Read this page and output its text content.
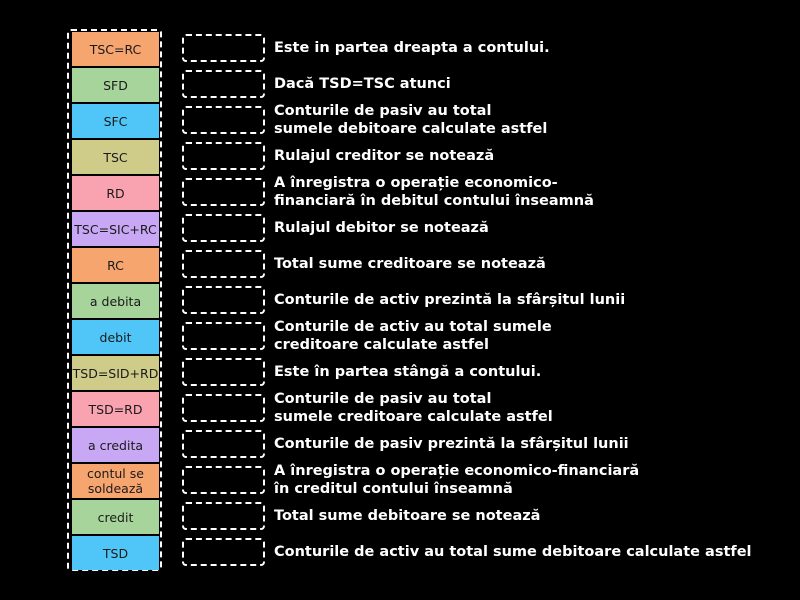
TSC=RC
SFD
SFC
TSC
RD
TSC=SIC+RC
RC
a debita
debit
TSD=SID+RD
TSD=RD
a credita
contul se soldează
credit
TSD
Este in partea dreapta a contului.
Dacă TSD=TSC atunci
Conturile de pasiv au total
sumele debitoare calculate astfel
Rulajul creditor se notează
A înregistra o operație economico-
financiară în debitul contului înseamnă
Rulajul debitor se notează
Total sume creditoare se notează
Conturile de activ prezintă la sfârșitul lunii
Conturile de activ au total sumele
creditoare calculate astfel
Este în partea stângă a contului.
Conturile de pasiv au total
sumele creditoare calculate astfel
Conturile de pasiv prezintă la sfârșitul lunii
A înregistra o operație economico-financiară
în creditul contului înseamnă
Total sume debitoare se notează
Conturile de activ au total sume debitoare calculate astfel
